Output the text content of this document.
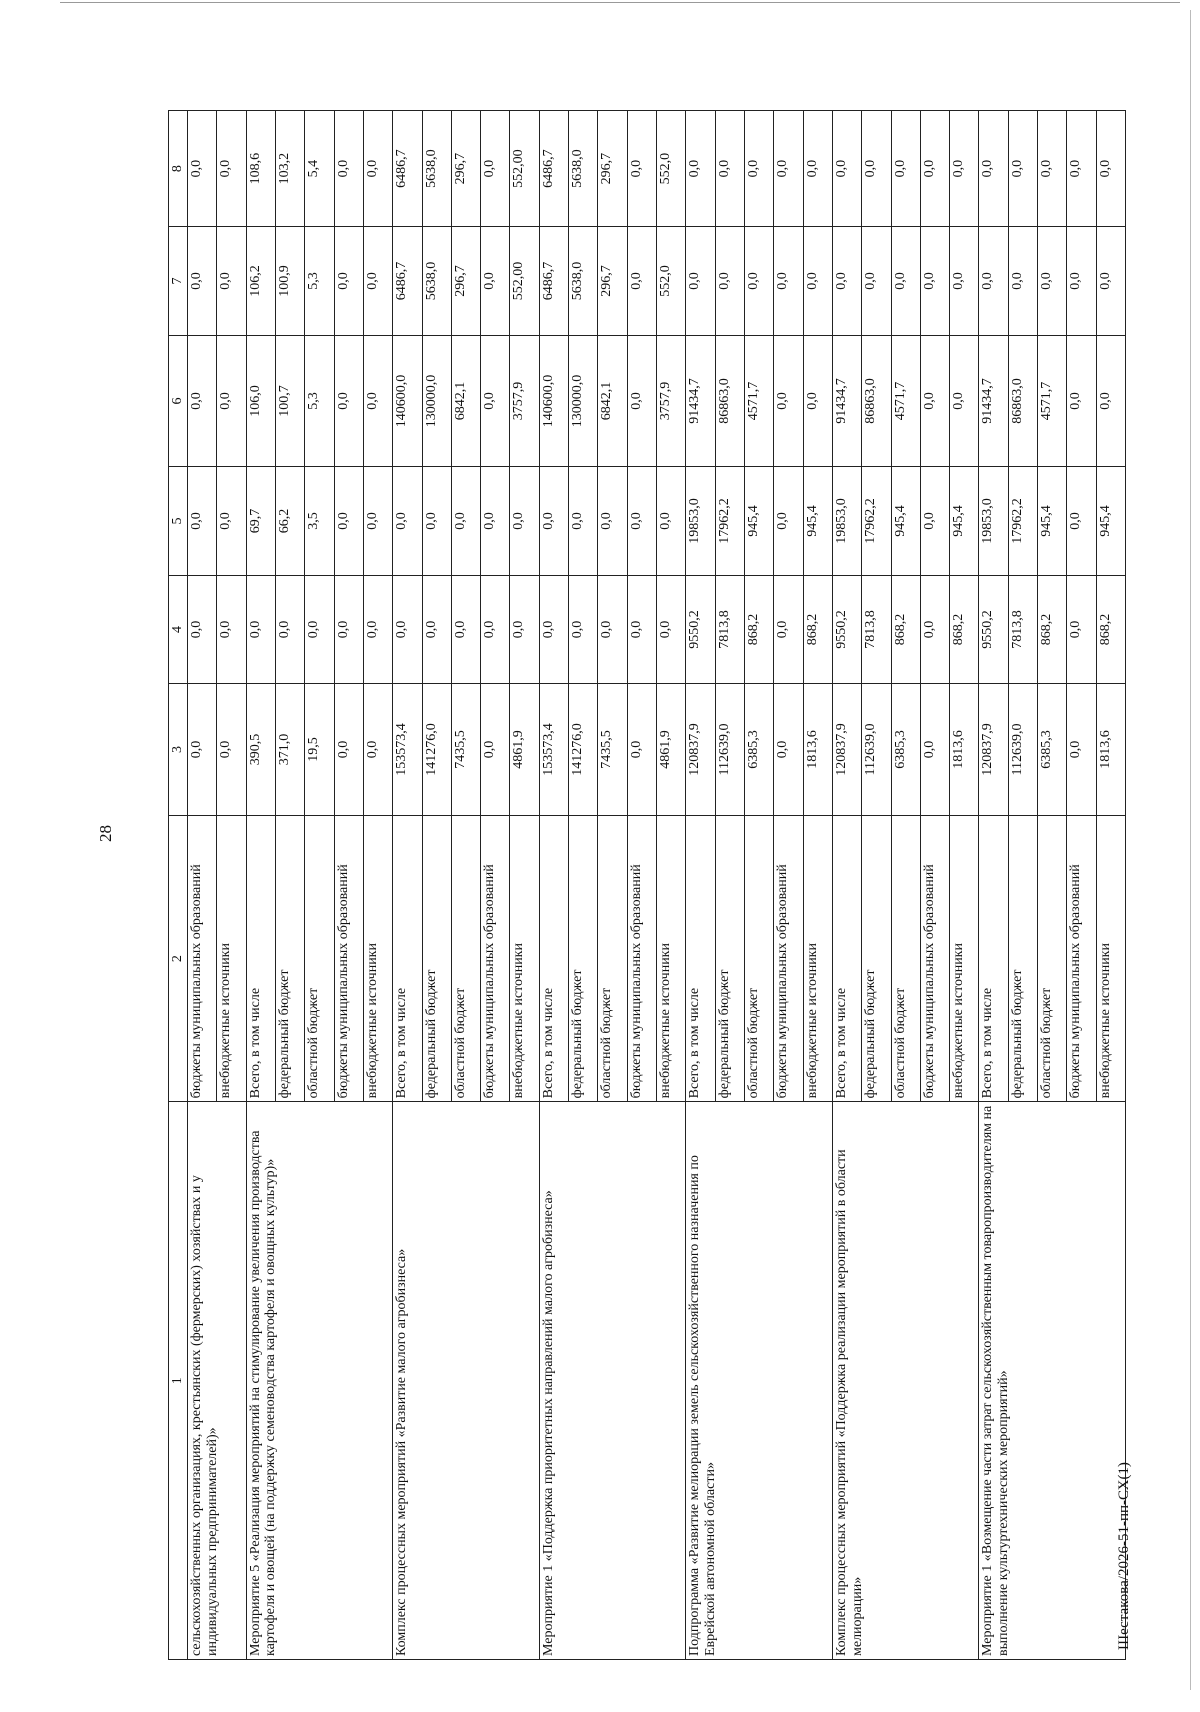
28
1	2	3	4	5	6	7	8
сельскохозяйственных организациях, крестьянских (фермерских) хозяйствах и у индивидуальных предпринимателей)»	бюджеты муниципальных образований	0,0	0,0	0,0	0,0	0,0	0,0
	внебюджетные источники	0,0	0,0	0,0	0,0	0,0	0,0
Мероприятие 5 «Реализация мероприятий на стимулирование увеличения производства картофеля и овощей (на поддержку семеноводства картофеля и овощных культур)»	Всего, в том числе	390,5	0,0	69,7	106,0	106,2	108,6
	федеральный бюджет	371,0	0,0	66,2	100,7	100,9	103,2
	областной бюджет	19,5	0,0	3,5	5,3	5,3	5,4
	бюджеты муниципальных образований	0,0	0,0	0,0	0,0	0,0	0,0
	внебюджетные источники	0,0	0,0	0,0	0,0	0,0	0,0
Комплекс процессных мероприятий «Развитие малого агробизнеса»	Всего, в том числе	153573,4	0,0	0,0	140600,0	6486,7	6486,7
	федеральный бюджет	141276,0	0,0	0,0	130000,0	5638,0	5638,0
	областной бюджет	7435,5	0,0	0,0	6842,1	296,7	296,7
	бюджеты муниципальных образований	0,0	0,0	0,0	0,0	0,0	0,0
	внебюджетные источники	4861,9	0,0	0,0	3757,9	552,00	552,00
Мероприятие 1 «Поддержка приоритетных направлений малого агробизнеса»	Всего, в том числе	153573,4	0,0	0,0	140600,0	6486,7	6486,7
	федеральный бюджет	141276,0	0,0	0,0	130000,0	5638,0	5638,0
	областной бюджет	7435,5	0,0	0,0	6842,1	296,7	296,7
	бюджеты муниципальных образований	0,0	0,0	0,0	0,0	0,0	0,0
	внебюджетные источники	4861,9	0,0	0,0	3757,9	552,0	552,0
Подпрограмма «Развитие мелиорации земель сельскохозяйственного назначения по Еврейской автономной области»	Всего, в том числе	120837,9	9550,2	19853,0	91434,7	0,0	0,0
	федеральный бюджет	112639,0	7813,8	17962,2	86863,0	0,0	0,0
	областной бюджет	6385,3	868,2	945,4	4571,7	0,0	0,0
	бюджеты муниципальных образований	0,0	0,0	0,0	0,0	0,0	0,0
	внебюджетные источники	1813,6	868,2	945,4	0,0	0,0	0,0
Комплекс процессных мероприятий «Поддержка реализации мероприятий в области мелиорации»	Всего, в том числе	120837,9	9550,2	19853,0	91434,7	0,0	0,0
	федеральный бюджет	112639,0	7813,8	17962,2	86863,0	0,0	0,0
	областной бюджет	6385,3	868,2	945,4	4571,7	0,0	0,0
	бюджеты муниципальных образований	0,0	0,0	0,0	0,0	0,0	0,0
	внебюджетные источники	1813,6	868,2	945,4	0,0	0,0	0,0
Мероприятие 1 «Возмещение части затрат сельскохозяйственным товаропроизводителям на выполнение культуртехнических мероприятий»	Всего, в том числе	120837,9	9550,2	19853,0	91434,7	0,0	0,0
	федеральный бюджет	112639,0	7813,8	17962,2	86863,0	0,0	0,0
	областной бюджет	6385,3	868,2	945,4	4571,7	0,0	0,0
	бюджеты муниципальных образований	0,0	0,0	0,0	0,0	0,0	0,0
	внебюджетные источники	1813,6	868,2	945,4	0,0	0,0	0,0
Шестакова/2026-51-пп-СХ(1)
